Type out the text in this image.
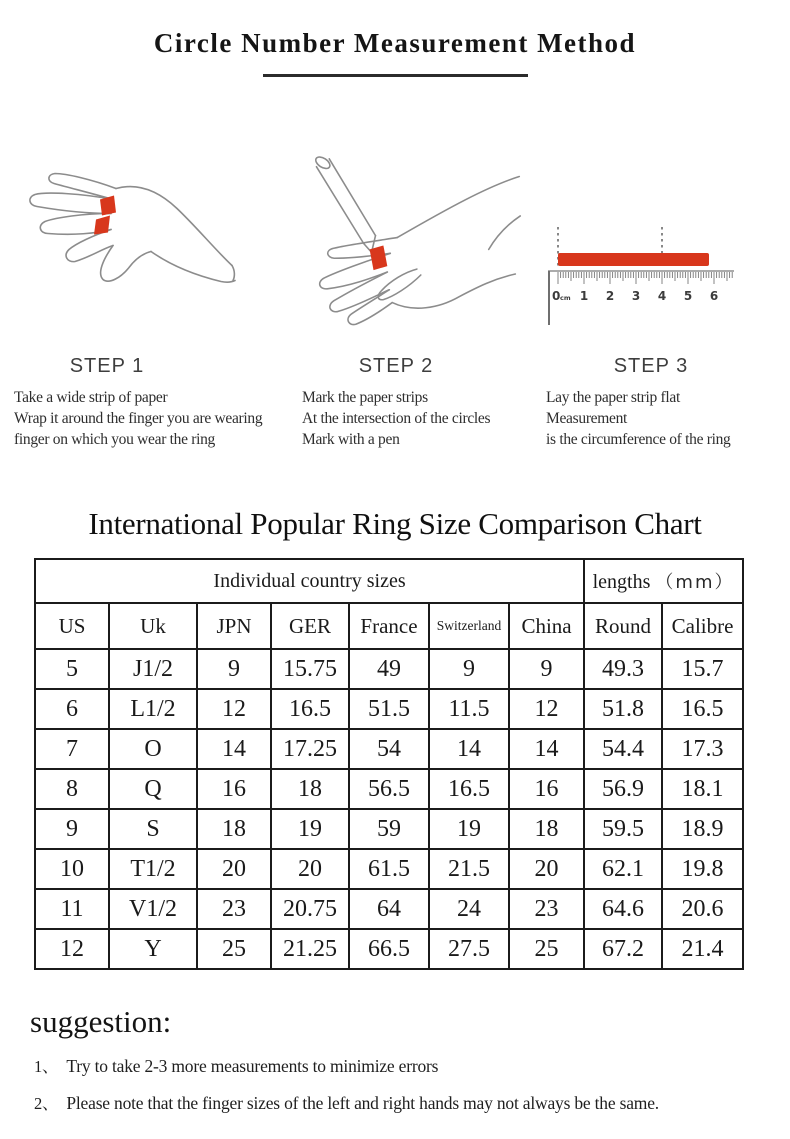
Circle Number Measurement Method
STEP 1

Take a wide strip of paper

Wrap it around the finger you are wearing

finger on which you wear the ring

STEP 2

Mark the paper strips

At the intersection of the circles

Mark with a pen

0 cm 1 2 3 4 5 6
STEP 3

Lay the paper strip flat

Measurement

is the circumference of the ring

International Popular Ring Size Comparison Chart
Individual country sizes							lengths （mm）	
US	Uk	JPN	GER	France	Switzerland	China	Round	Calibre
5	J1/2	9	15.75	49	9	9	49.3	15.7
6	L1/2	12	16.5	51.5	11.5	12	51.8	16.5
7	O	14	17.25	54	14	14	54.4	17.3
8	Q	16	18	56.5	16.5	16	56.9	18.1
9	S	18	19	59	19	18	59.5	18.9
10	T1/2	20	20	61.5	21.5	20	62.1	19.8
11	V1/2	23	20.75	64	24	23	64.6	20.6
12	Y	25	21.25	66.5	27.5	25	67.2	21.4
suggestion:

1、 Try to take 2-3 more measurements to minimize errors

2、 Please note that the finger sizes of the left and right hands may not always be the same.
